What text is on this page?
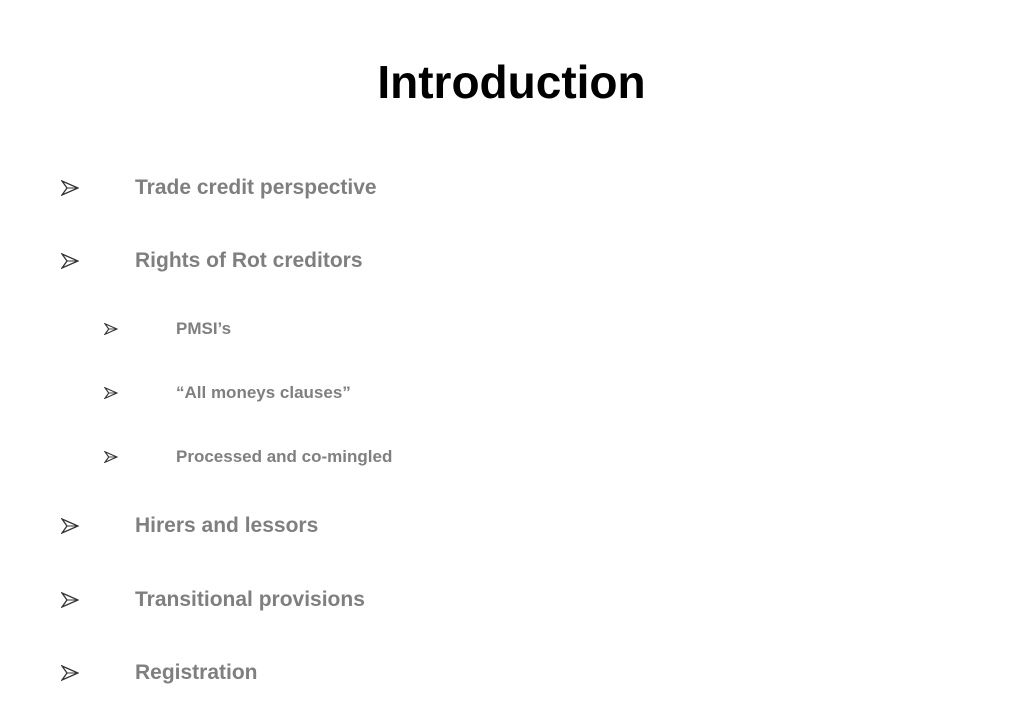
Introduction
Trade credit perspective
Rights of Rot creditors
PMSI’s
“All moneys clauses”
Processed and co-mingled
Hirers and lessors
Transitional provisions
Registration
